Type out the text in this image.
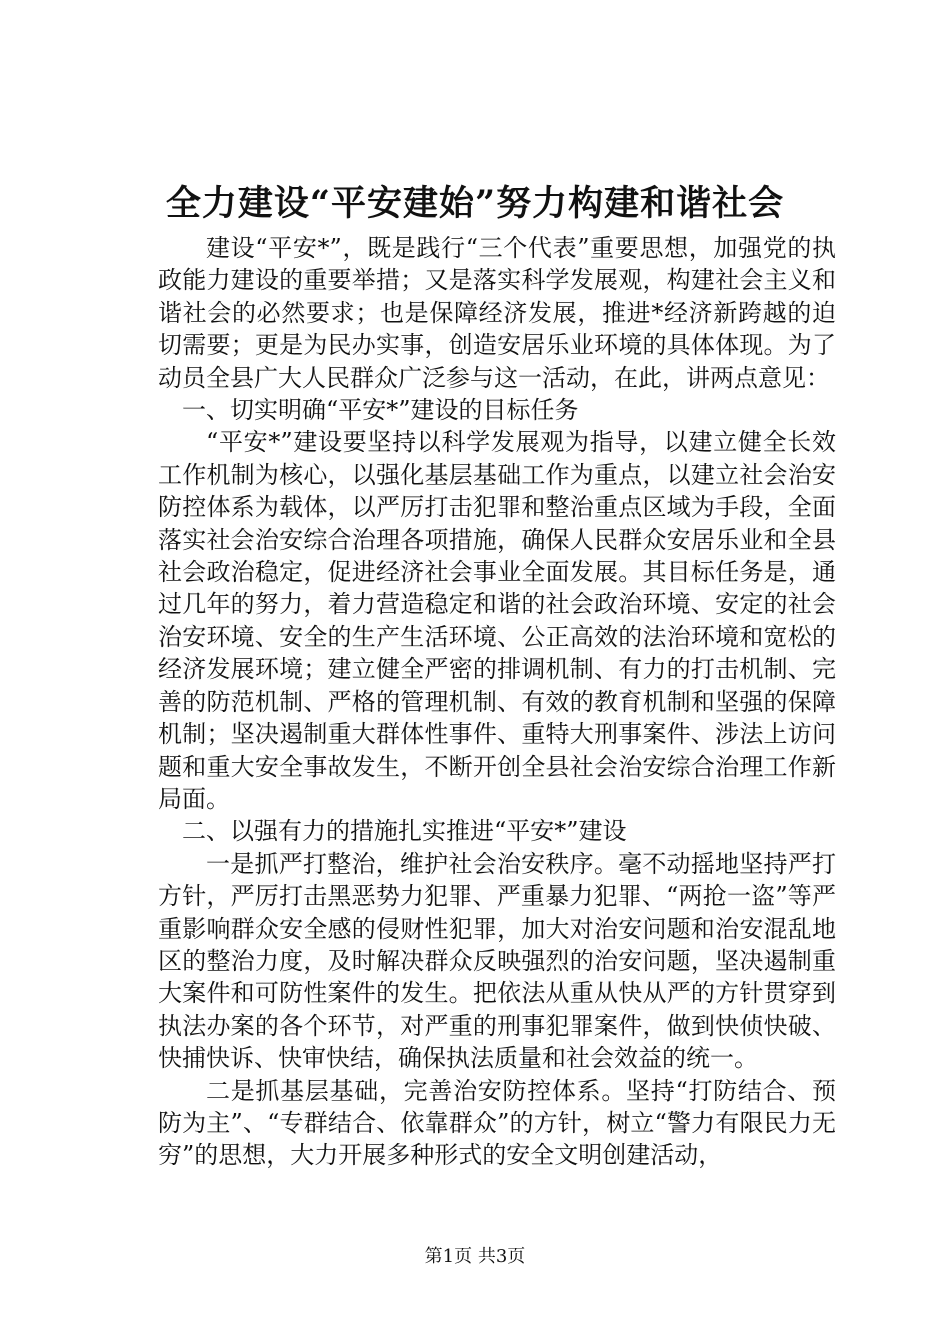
全力建设“平安建始”努力构建和谐社会

建设“平安*”，既是践行“三个代表”重要思想，加强党的执政能力建设的重要举措；又是落实科学发展观，构建社会主义和谐社会的必然要求；也是保障经济发展，推进*经济新跨越的迫切需要；更是为民办实事，创造安居乐业环境的具体体现。为了动员全县广大人民群众广泛参与这一活动，在此，讲两点意见：

一、切实明确“平安*”建设的目标任务

“平安*”建设要坚持以科学发展观为指导，以建立健全长效工作机制为核心，以强化基层基础工作为重点，以建立社会治安防控体系为载体，以严厉打击犯罪和整治重点区域为手段，全面落实社会治安综合治理各项措施，确保人民群众安居乐业和全县社会政治稳定，促进经济社会事业全面发展。其目标任务是，通过几年的努力，着力营造稳定和谐的社会政治环境、安定的社会治安环境、安全的生产生活环境、公正高效的法治环境和宽松的经济发展环境；建立健全严密的排调机制、有力的打击机制、完善的防范机制、严格的管理机制、有效的教育机制和坚强的保障机制；坚决遏制重大群体性事件、重特大刑事案件、涉法上访问题和重大安全事故发生，不断开创全县社会治安综合治理工作新局面。

二、以强有力的措施扎实推进“平安*”建设

一是抓严打整治，维护社会治安秩序。毫不动摇地坚持严打方针，严厉打击黑恶势力犯罪、严重暴力犯罪、“两抢一盗”等严重影响群众安全感的侵财性犯罪，加大对治安问题和治安混乱地区的整治力度，及时解决群众反映强烈的治安问题，坚决遏制重大案件和可防性案件的发生。把依法从重从快从严的方针贯穿到执法办案的各个环节，对严重的刑事犯罪案件，做到快侦快破、快捕快诉、快审快结，确保执法质量和社会效益的统一。

二是抓基层基础，完善治安防控体系。坚持“打防结合、预防为主”、“专群结合、依靠群众”的方针，树立“警力有限民力无穷”的思想，大力开展多种形式的安全文明创建活动，

第1页 共3页
